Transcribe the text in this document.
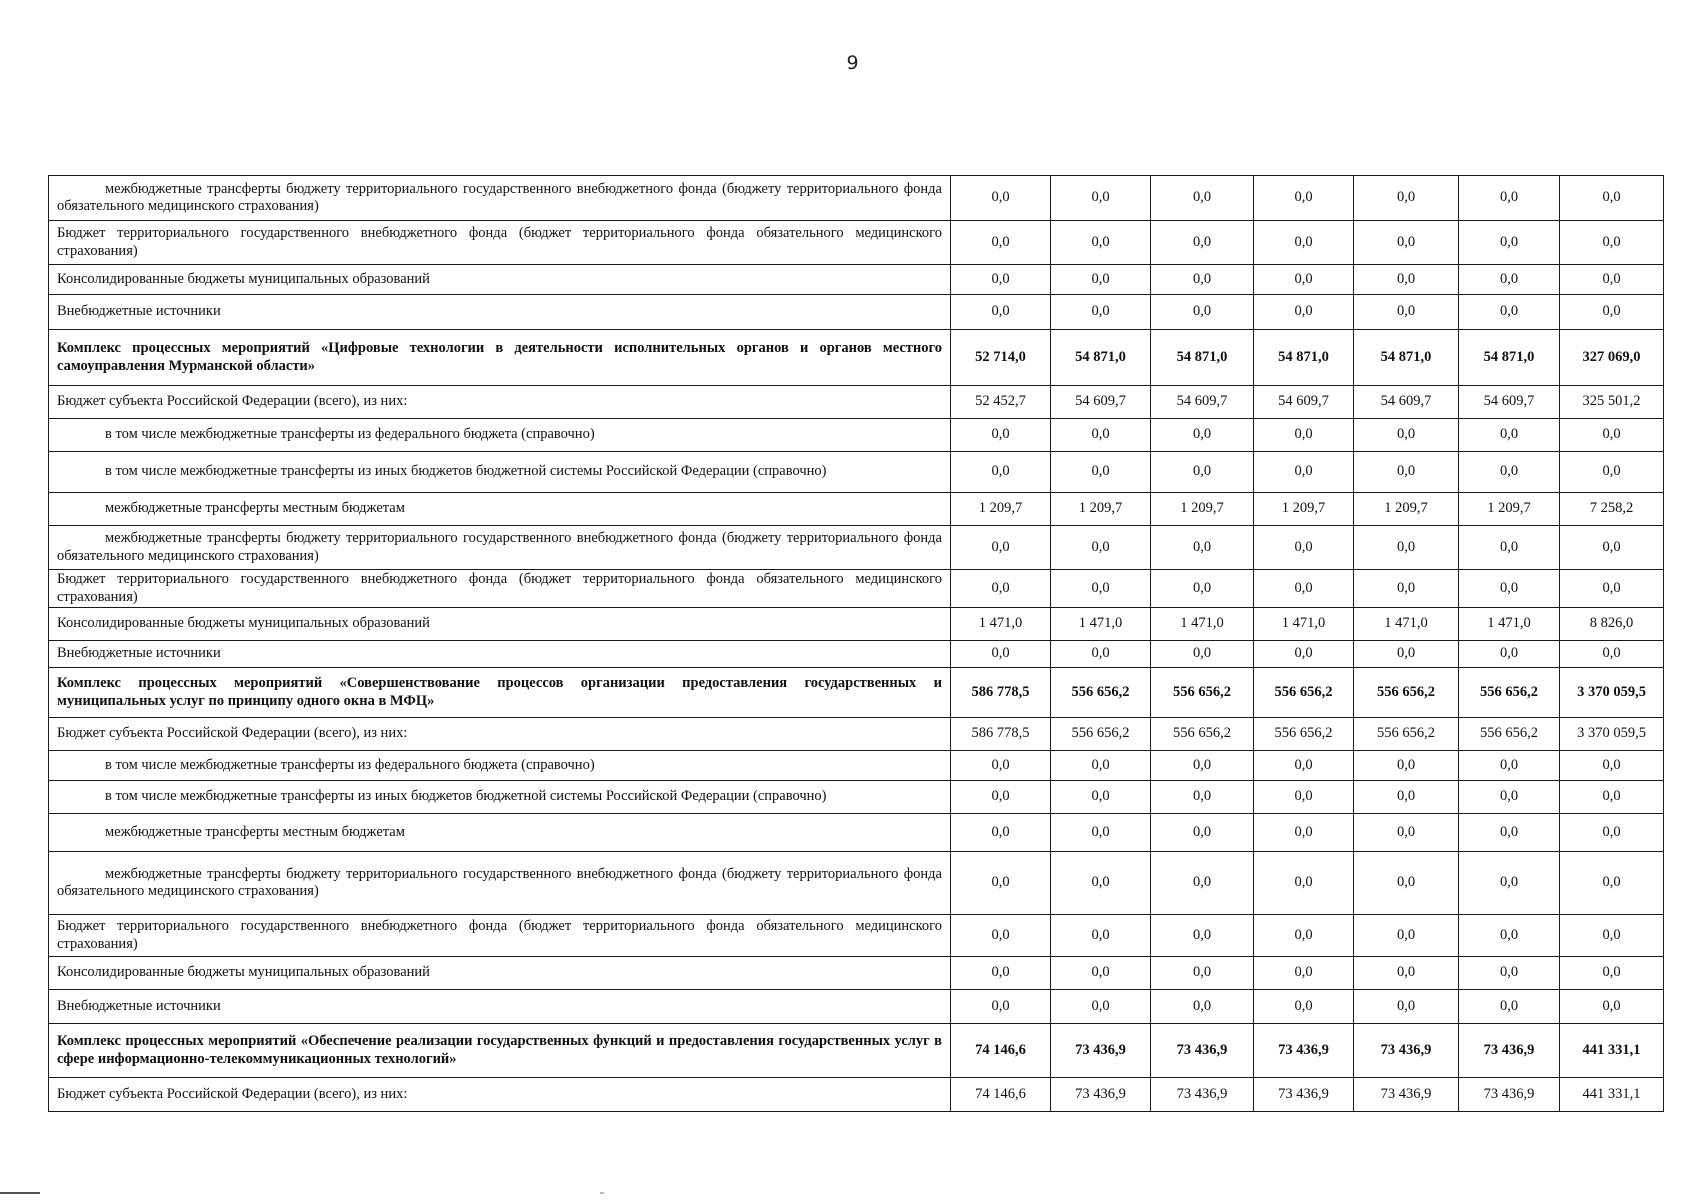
9
межбюджетные трансферты бюджету территориального государственного внебюджетного фонда (бюджету территориального фонда обязательного медицинского страхования)	0,0	0,0	0,0	0,0	0,0	0,0	0,0
Бюджет территориального государственного внебюджетного фонда (бюджет территориального фонда обязательного медицинского страхования)	0,0	0,0	0,0	0,0	0,0	0,0	0,0
Консолидированные бюджеты муниципальных образований	0,0	0,0	0,0	0,0	0,0	0,0	0,0
Внебюджетные источники	0,0	0,0	0,0	0,0	0,0	0,0	0,0
Комплекс процессных мероприятий «Цифровые технологии в деятельности исполнительных органов и органов местного самоуправления Мурманской области»	52 714,0	54 871,0	54 871,0	54 871,0	54 871,0	54 871,0	327 069,0
Бюджет субъекта Российской Федерации (всего), из них:	52 452,7	54 609,7	54 609,7	54 609,7	54 609,7	54 609,7	325 501,2
в том числе межбюджетные трансферты из федерального бюджета (справочно)	0,0	0,0	0,0	0,0	0,0	0,0	0,0
в том числе межбюджетные трансферты из иных бюджетов бюджетной системы Российской Федерации (справочно)	0,0	0,0	0,0	0,0	0,0	0,0	0,0
межбюджетные трансферты местным бюджетам	1 209,7	1 209,7	1 209,7	1 209,7	1 209,7	1 209,7	7 258,2
межбюджетные трансферты бюджету территориального государственного внебюджетного фонда (бюджету территориального фонда обязательного медицинского страхования)	0,0	0,0	0,0	0,0	0,0	0,0	0,0
Бюджет территориального государственного внебюджетного фонда (бюджет территориального фонда обязательного медицинского страхования)	0,0	0,0	0,0	0,0	0,0	0,0	0,0
Консолидированные бюджеты муниципальных образований	1 471,0	1 471,0	1 471,0	1 471,0	1 471,0	1 471,0	8 826,0
Внебюджетные источники	0,0	0,0	0,0	0,0	0,0	0,0	0,0
Комплекс процессных мероприятий «Совершенствование процессов организации предоставления государственных и муниципальных услуг по принципу одного окна в МФЦ»	586 778,5	556 656,2	556 656,2	556 656,2	556 656,2	556 656,2	3 370 059,5
Бюджет субъекта Российской Федерации (всего), из них:	586 778,5	556 656,2	556 656,2	556 656,2	556 656,2	556 656,2	3 370 059,5
в том числе межбюджетные трансферты из федерального бюджета (справочно)	0,0	0,0	0,0	0,0	0,0	0,0	0,0
в том числе межбюджетные трансферты из иных бюджетов бюджетной системы Российской Федерации (справочно)	0,0	0,0	0,0	0,0	0,0	0,0	0,0
межбюджетные трансферты местным бюджетам	0,0	0,0	0,0	0,0	0,0	0,0	0,0
межбюджетные трансферты бюджету территориального государственного внебюджетного фонда (бюджету территориального фонда обязательного медицинского страхования)	0,0	0,0	0,0	0,0	0,0	0,0	0,0
Бюджет территориального государственного внебюджетного фонда (бюджет территориального фонда обязательного медицинского страхования)	0,0	0,0	0,0	0,0	0,0	0,0	0,0
Консолидированные бюджеты муниципальных образований	0,0	0,0	0,0	0,0	0,0	0,0	0,0
Внебюджетные источники	0,0	0,0	0,0	0,0	0,0	0,0	0,0
Комплекс процессных мероприятий «Обеспечение реализации государственных функций и предоставления государственных услуг в сфере информационно-телекоммуникационных технологий»	74 146,6	73 436,9	73 436,9	73 436,9	73 436,9	73 436,9	441 331,1
Бюджет субъекта Российской Федерации (всего), из них:	74 146,6	73 436,9	73 436,9	73 436,9	73 436,9	73 436,9	441 331,1
